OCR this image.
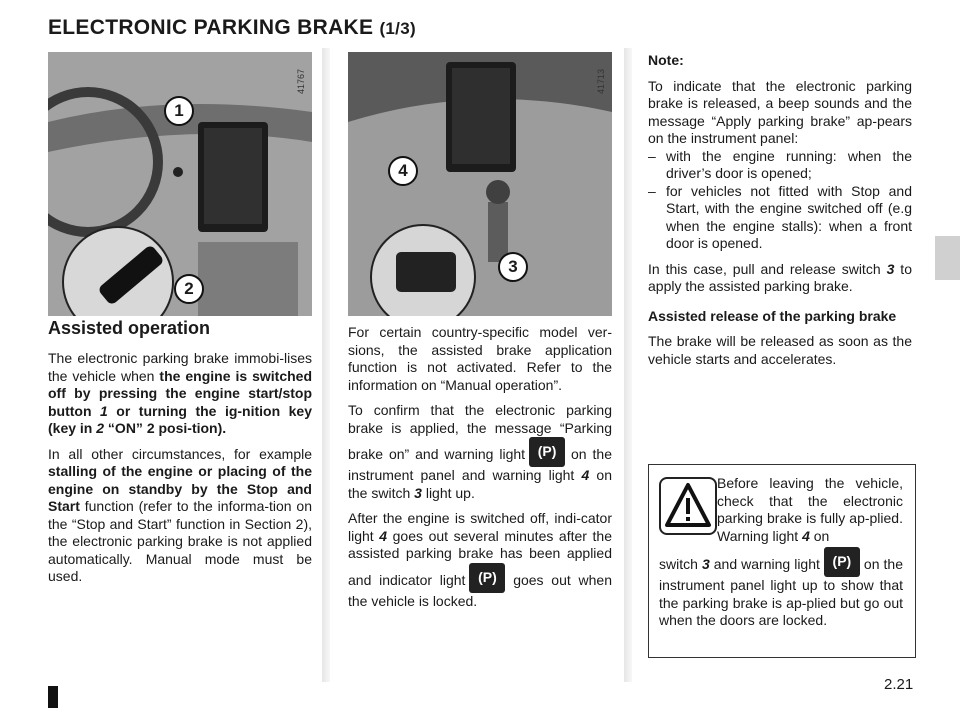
ELECTRONIC PARKING BRAKE (1/3)
1
2
41767
4
3
41713
Assisted operation

The electronic parking brake immobi-lises the vehicle when the engine is switched off by pressing the engine start/stop button 1 or turning the ig-nition key (key in 2 “ON” 2 posi-tion).

In all other circumstances, for example stalling of the engine or placing of the engine on standby by the Stop and Start function (refer to the informa-tion on the “Stop and Start” function in Section 2), the electronic parking brake is not applied automatically. Manual mode must be used.

For certain country-specific model ver-sions, the assisted brake application function is not activated. Refer to the information on “Manual operation”.

To confirm that the electronic parking brake is applied, the message “Parking brake on” and warning light (P)	on the instrument panel and warning light 4 on the switch 3 light up.

After the engine is switched off, indi-cator light 4 goes out several minutes after the assisted parking brake has been applied and indicator light (P)	goes out when the vehicle is locked.

Note:

To indicate that the electronic parking brake is released, a beep sounds and the message “Apply parking brake” ap-pears on the instrument panel:

– with the engine running: when the driver’s door is opened;

– for vehicles not fitted with Stop and Start, with the engine switched off (e.g when the engine stalls): when a front door is opened.

In this case, pull and release switch 3 to apply the assisted parking brake.

Assisted release of the parking brake

The brake will be released as soon as the vehicle starts and accelerates.

Before leaving the vehicle, check that the electronic parking brake is fully ap-plied. Warning light 4 on

switch 3 and warning light (P)	on the instrument panel light up to show that the parking brake is ap-plied but go out when the doors are locked.

2.21
